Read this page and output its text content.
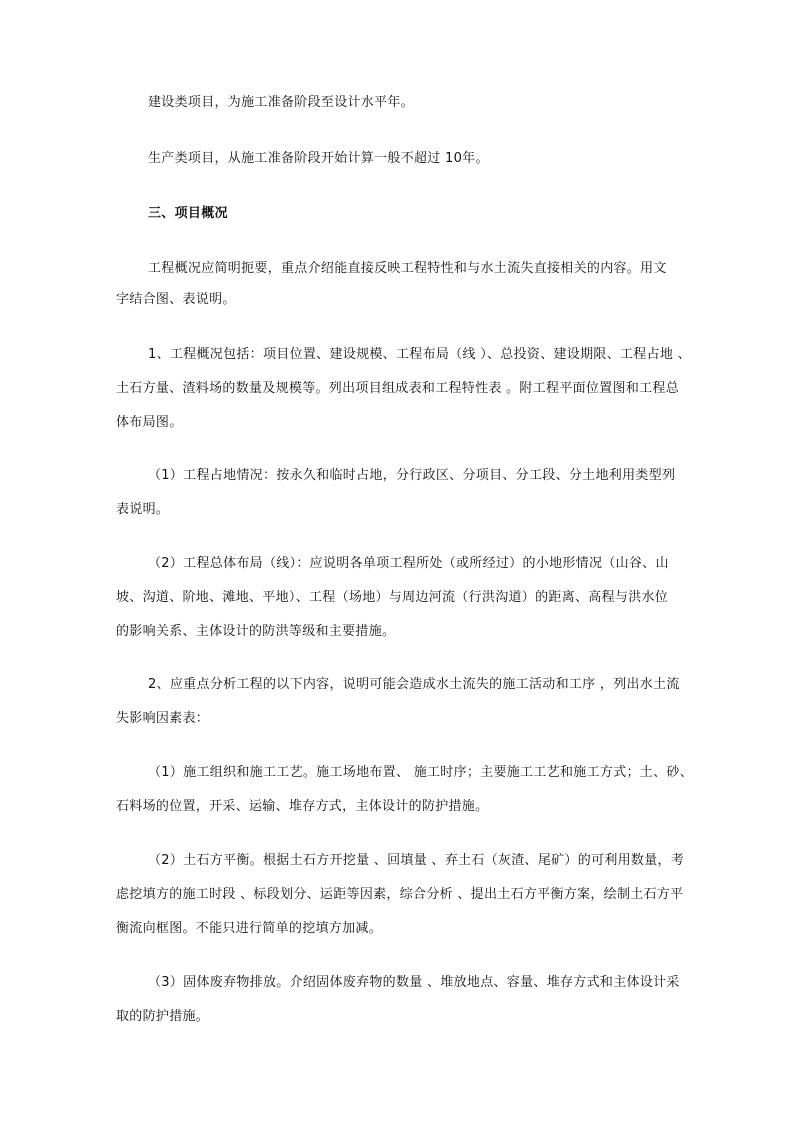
建设类项目，为施工准备阶段至设计水平年。
生产类项目，从施工准备阶段开始计算一般不超过 10年。
三、项目概况
工程概况应简明扼要，重点介绍能直接反映工程特性和与水土流失直接相关的内容。用文
字结合图、表说明。
1、工程概况包括：项目位置、建设规模、工程布局（线 ）、总投资、建设期限、工程占地 、
土石方量、渣料场的数量及规模等。列出项目组成表和工程特性表 。附工程平面位置图和工程总
体布局图。
（1）工程占地情况：按永久和临时占地，分行政区、分项目、分工段、分土地利用类型列
表说明。
（2）工程总体布局（线）：应说明各单项工程所处（或所经过）的小地形情况（山谷、山
坡、沟道、阶地、滩地、平地）、工程（场地）与周边河流（行洪沟道）的距离、高程与洪水位
的影响关系、主体设计的防洪等级和主要措施。
2、应重点分析工程的以下内容，说明可能会造成水土流失的施工活动和工序 ，列出水土流
失影响因素表：
（1）施工组织和施工工艺。施工场地布置、 施工时序；主要施工工艺和施工方式；土、砂、
石料场的位置，开采、运输、堆存方式，主体设计的防护措施。
（2）土石方平衡。根据土石方开挖量 、回填量 、弃土石（灰渣、尾矿）的可利用数量，考
虑挖填方的施工时段 、标段划分、运距等因素，综合分析 、提出土石方平衡方案，绘制土石方平
衡流向框图。不能只进行简单的挖填方加减。
（3）固体废弃物排放。介绍固体废弃物的数量 、堆放地点、容量、堆存方式和主体设计采
取的防护措施。
